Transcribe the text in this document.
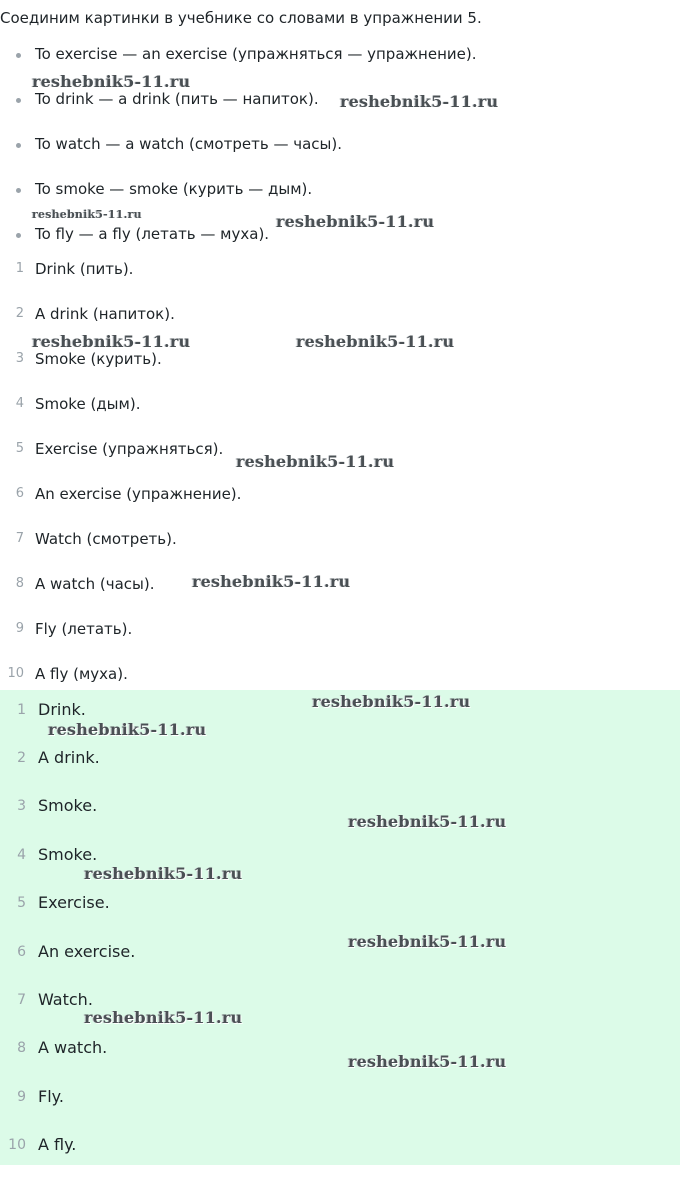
Соединим картинки в учебнике со словами в упражнении 5.
To exercise — an exercise (упражняться — упражнение).
To drink — a drink (пить — напиток).
To watch — a watch (смотреть — часы).
To smoke — smoke (курить — дым).
To fly — a fly (летать — муха).
1 Drink (пить).
2 A drink (напиток).
3 Smoke (курить).
4 Smoke (дым).
5 Exercise (упражняться).
6 An exercise (упражнение).
7 Watch (смотреть).
8 A watch (часы).
9 Fly (летать).
10 A fly (муха).
1 Drink.
2 A drink.
3 Smoke.
4 Smoke.
5 Exercise.
6 An exercise.
7 Watch.
8 A watch.
9 Fly.
10 A fly.
reshebnik5-11.ru
reshebnik5-11.ru
reshebnik5-11.ru	reshebnik5-11.ru
reshebnik5-11.ru	reshebnik5-11.ru
reshebnik5-11.ru
reshebnik5-11.ru
reshebnik5-11.ru
reshebnik5-11.ru
reshebnik5-11.ru
reshebnik5-11.ru
reshebnik5-11.ru
reshebnik5-11.ru
reshebnik5-11.ru
